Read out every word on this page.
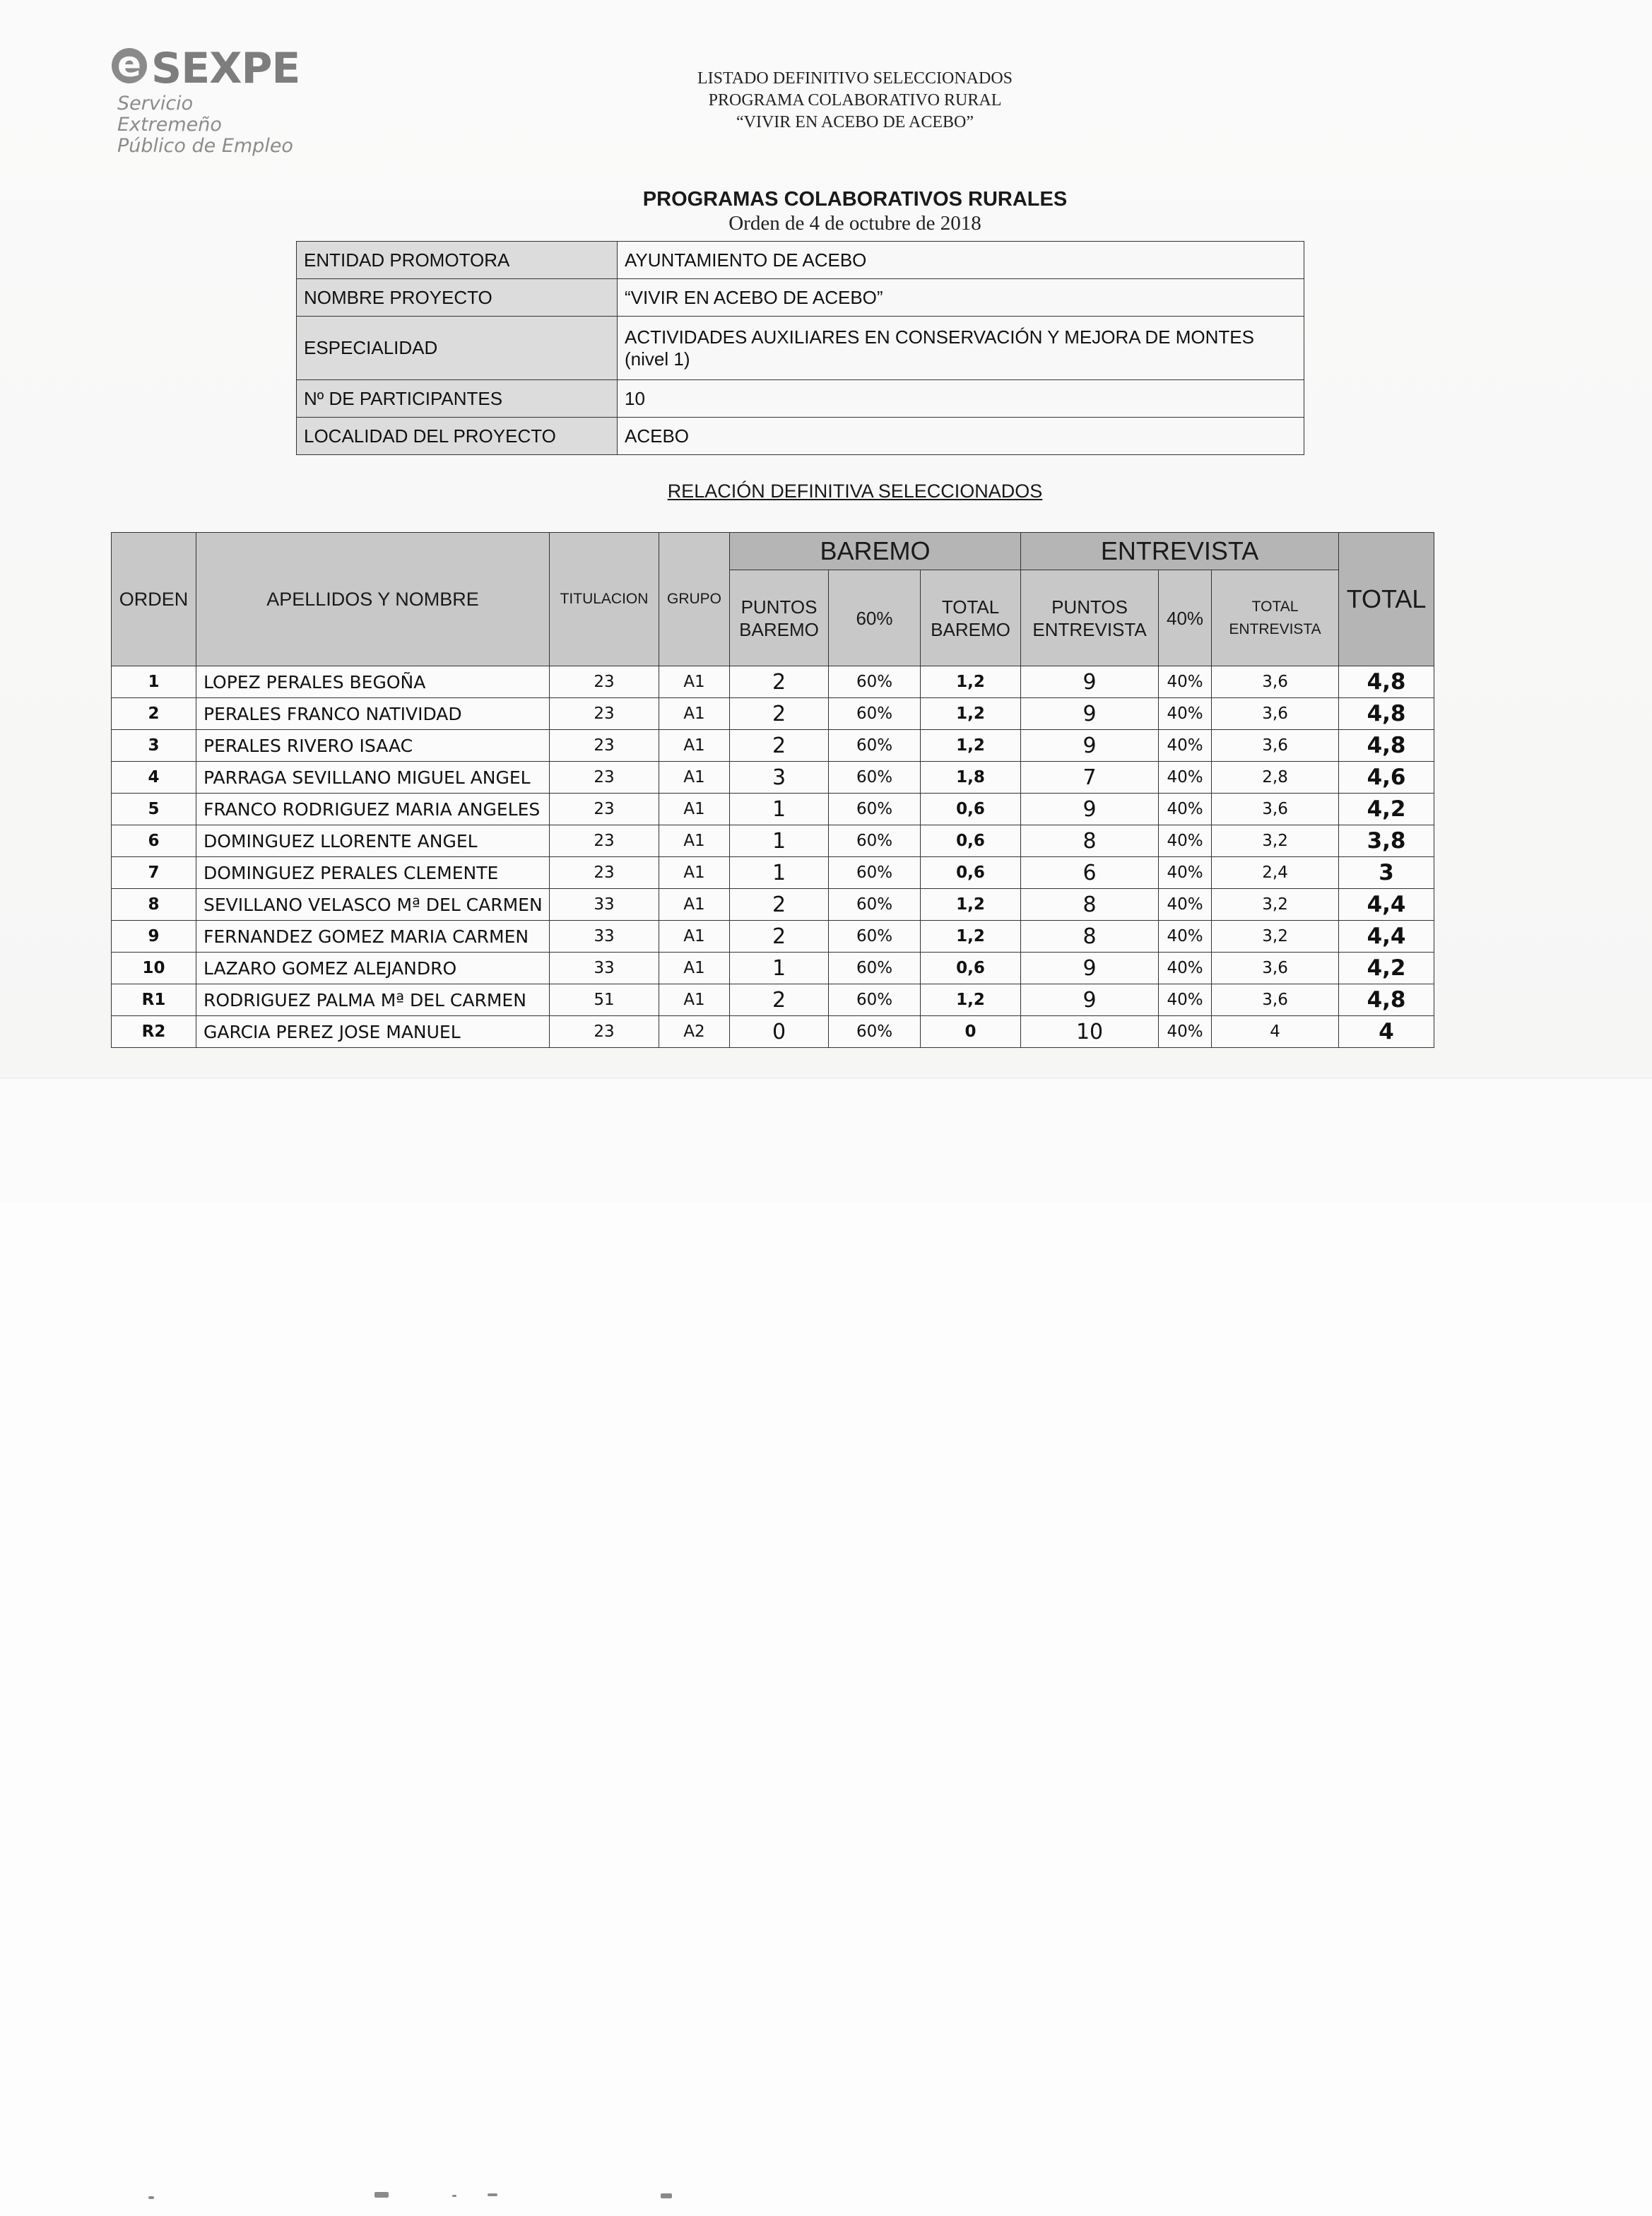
e SEXPE
Servicio Extremeño
Público de Empleo
LISTADO DEFINITIVO SELECCIONADOS
PROGRAMA COLABORATIVO RURAL
“VIVIR EN ACEBO DE ACEBO”
PROGRAMAS COLABORATIVOS RURALES
Orden de 4 de octubre de 2018
ENTIDAD PROMOTORA	AYUNTAMIENTO DE ACEBO
NOMBRE PROYECTO	“VIVIR EN ACEBO DE ACEBO”
ESPECIALIDAD	ACTIVIDADES AUXILIARES EN CONSERVACIÓN Y MEJORA DE MONTES (nivel 1)
Nº DE PARTICIPANTES	10
LOCALIDAD DEL PROYECTO	ACEBO
RELACIÓN DEFINITIVA SELECCIONADOS
ORDEN	APELLIDOS Y NOMBRE	TITULACION	GRUPO	BAREMO			ENTREVISTA			TOTAL
				PUNTOS BAREMO	60%	TOTAL BAREMO	PUNTOS ENTREVISTA	40%	TOTAL ENTREVISTA	
1	LOPEZ PERALES BEGOÑA	23	A1	2	60%	1,2	9	40%	3,6	4,8
2	PERALES FRANCO NATIVIDAD	23	A1	2	60%	1,2	9	40%	3,6	4,8
3	PERALES RIVERO ISAAC	23	A1	2	60%	1,2	9	40%	3,6	4,8
4	PARRAGA SEVILLANO MIGUEL ANGEL	23	A1	3	60%	1,8	7	40%	2,8	4,6
5	FRANCO RODRIGUEZ MARIA ANGELES	23	A1	1	60%	0,6	9	40%	3,6	4,2
6	DOMINGUEZ LLORENTE ANGEL	23	A1	1	60%	0,6	8	40%	3,2	3,8
7	DOMINGUEZ PERALES CLEMENTE	23	A1	1	60%	0,6	6	40%	2,4	3
8	SEVILLANO VELASCO Mª DEL CARMEN	33	A1	2	60%	1,2	8	40%	3,2	4,4
9	FERNANDEZ GOMEZ MARIA CARMEN	33	A1	2	60%	1,2	8	40%	3,2	4,4
10	LAZARO GOMEZ ALEJANDRO	33	A1	1	60%	0,6	9	40%	3,6	4,2
R1	RODRIGUEZ PALMA Mª DEL CARMEN	51	A1	2	60%	1,2	9	40%	3,6	4,8
R2	GARCIA PEREZ JOSE MANUEL	23	A2	0	60%	0	10	40%	4	4
